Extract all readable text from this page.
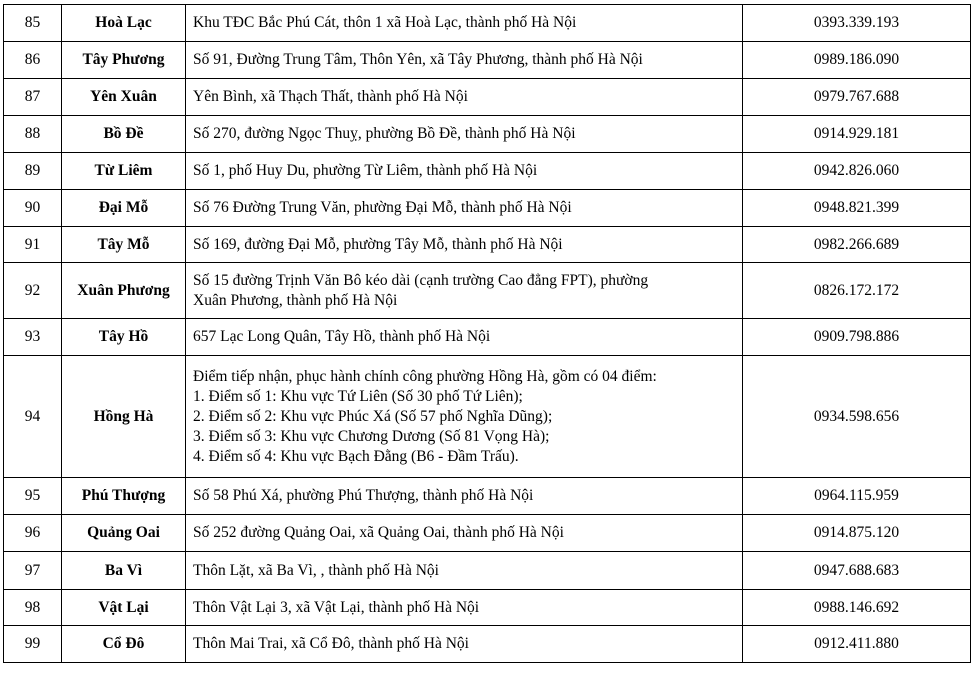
85	Hoà Lạc	Khu TĐC Bắc Phú Cát, thôn 1 xã Hoà Lạc, thành phố Hà Nội	0393.339.193
86	Tây Phương	Số 91, Đường Trung Tâm, Thôn Yên, xã Tây Phương, thành phố Hà Nội	0989.186.090
87	Yên Xuân	Yên Bình, xã Thạch Thất, thành phố Hà Nội	0979.767.688
88	Bồ Đề	Số 270, đường Ngọc Thuỵ, phường Bồ Đề, thành phố Hà Nội	0914.929.181
89	Từ Liêm	Số 1, phố Huy Du, phường Từ Liêm, thành phố Hà Nội	0942.826.060
90	Đại Mỗ	Số 76 Đường Trung Văn, phường Đại Mỗ, thành phố Hà Nội	0948.821.399
91	Tây Mỗ	Số 169, đường Đại Mỗ, phường Tây Mỗ, thành phố Hà Nội	0982.266.689
92	Xuân Phương	Số 15 đường Trịnh Văn Bô kéo dài (cạnh trường Cao đẳng FPT), phường
Xuân Phương, thành phố Hà Nội	0826.172.172
93	Tây Hồ	657 Lạc Long Quân, Tây Hồ, thành phố Hà Nội	0909.798.886
94	Hồng Hà	Điểm tiếp nhận, phục hành chính công phường Hồng Hà, gồm có 04 điểm:
1. Điểm số 1: Khu vực Tứ Liên (Số 30 phố Tứ Liên);
2. Điểm số 2: Khu vực Phúc Xá (Số 57 phố Nghĩa Dũng);
3. Điểm số 3: Khu vực Chương Dương (Số 81 Vọng Hà);
4. Điểm số 4: Khu vực Bạch Đằng (B6 - Đầm Trấu).	0934.598.656
95	Phú Thượng	Số 58 Phú Xá, phường Phú Thượng, thành phố Hà Nội	0964.115.959
96	Quảng Oai	Số 252 đường Quảng Oai, xã Quảng Oai, thành phố Hà Nội	0914.875.120
97	Ba Vì	Thôn Lặt, xã Ba Vì, , thành phố Hà Nội	0947.688.683
98	Vật Lại	Thôn Vật Lại 3, xã Vật Lại, thành phố Hà Nội	0988.146.692
99	Cổ Đô	Thôn Mai Trai, xã Cổ Đô, thành phố Hà Nội	0912.411.880
